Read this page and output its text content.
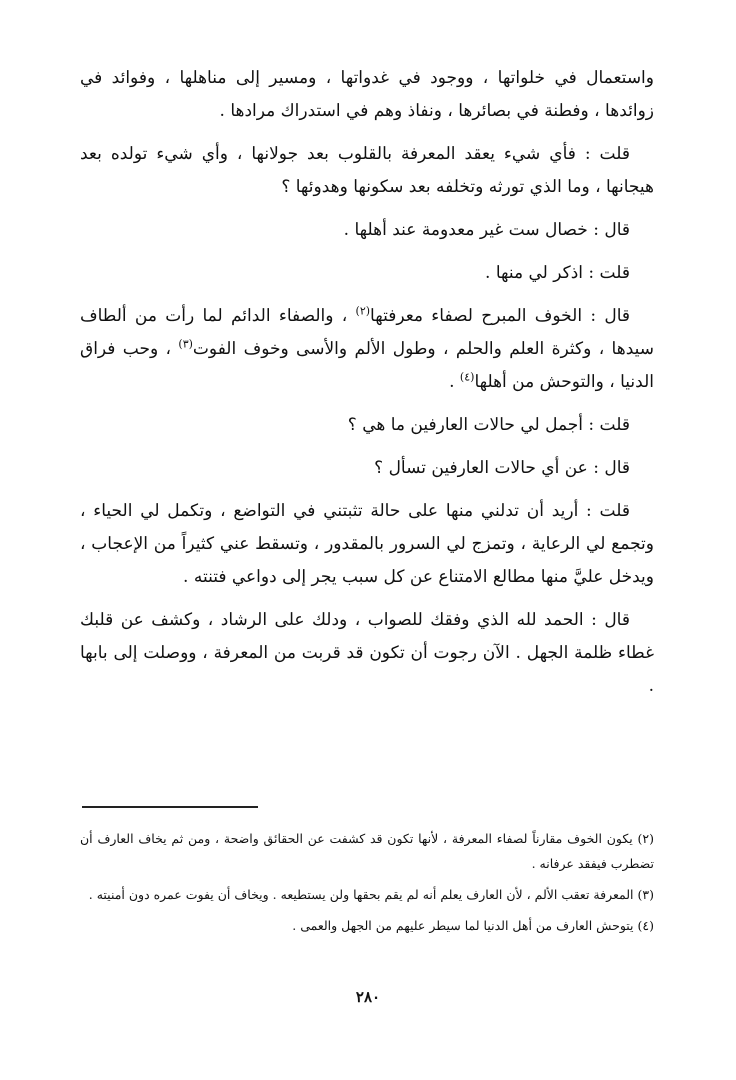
واستعمال في خلواتها ، ووجود في غدواتها ، ومسير إلى مناهلها ، وفوائد في زوائدها ، وفطنة في بصائرها ، ونفاذ وهم في استدراك مرادها .

قلت : فأي شيء يعقد المعرفة بالقلوب بعد جولانها ، وأي شيء تولده بعد هيجانها ، وما الذي تورثه وتخلفه بعد سكونها وهدوئها ؟

قال : خصال ست غير معدومة عند أهلها .

قلت : اذكر لي منها .

قال : الخوف المبرح لصفاء معرفتها$^{(٢)}$ ، والصفاء الدائم لما رأت من ألطاف سيدها ، وكثرة العلم والحلم ، وطول الألم والأسى وخوف الفوت$^{(٣)}$ ، وحب فراق الدنيا ، والتوحش من أهلها$^{(٤)}$ .

قلت : أجمل لي حالات العارفين ما هي ؟

قال : عن أي حالات العارفين تسأل ؟

قلت : أريد أن تدلني منها على حالة تثبتني في التواضع ، وتكمل لي الحياء ، وتجمع لي الرعاية ، وتمزج لي السرور بالمقدور ، وتسقط عني كثيراً من الإعجاب ، ويدخل عليَّ منها مطالع الامتناع عن كل سبب يجر إلى دواعي فتنته .

قال : الحمد لله الذي وفقك للصواب ، ودلك على الرشاد ، وكشف عن قلبك غطاء ظلمة الجهل . الآن رجوت أن تكون قد قربت من المعرفة ، ووصلت إلى بابها .

(٢) يكون الخوف مقارناً لصفاء المعرفة ، لأنها تكون قد كشفت عن الحقائق واضحة ، ومن ثم يخاف العارف أن تضطرب فيفقد عرفانه .

(٣) المعرفة تعقب الألم ، لأن العارف يعلم أنه لم يقم بحقها ولن يستطيعه . ويخاف أن يفوت عمره دون أمنيته .

(٤) يتوحش العارف من أهل الدنيا لما سيطر عليهم من الجهل والعمى .

٢٨٠
